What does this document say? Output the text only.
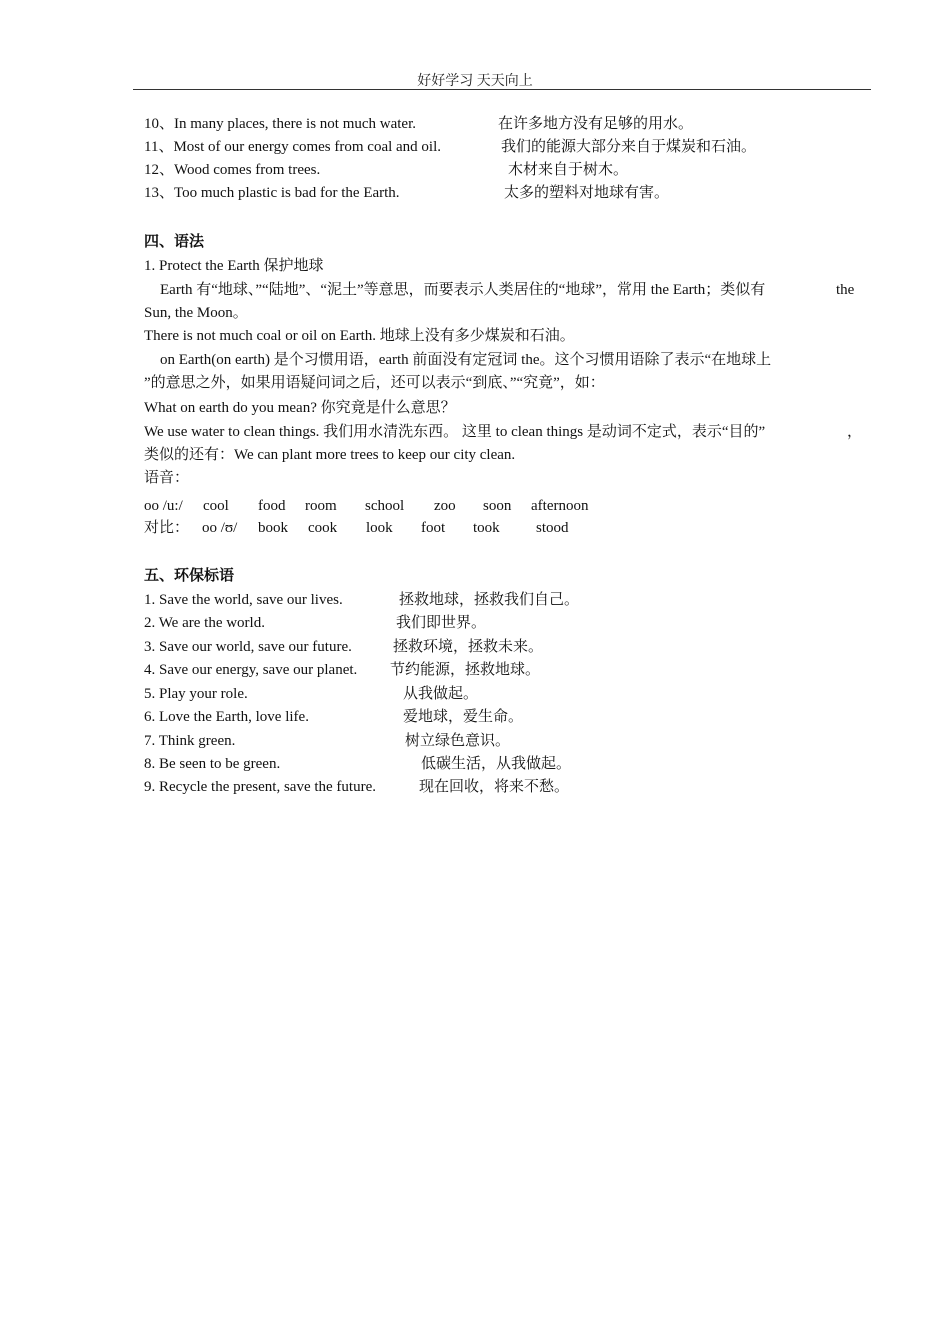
好好学习 天天向上
10、In many places, there is not much water.	在许多地方没有足够的用水。
11、Most of our energy comes from coal and oil.	我们的能源大部分来自于煤炭和石油。
12、Wood comes from trees.	木材来自于树木。
13、Too much plastic is bad for the Earth.	太多的塑料对地球有害。
四、语法
1. Protect the Earth 保护地球
Earth 有“地球、”“陆地”、“泥土”等意思，而要表示人类居住的“地球”，常用 the Earth；类似有	the
Sun, the Moon。
There is not much coal or oil on Earth. 地球上没有多少煤炭和石油。
on Earth(on earth) 是个习惯用语，earth 前面没有定冠词 the。这个习惯用语除了表示“在地球上
”的意思之外，如果用语疑问词之后，还可以表示“到底、”“究竟”，如：
What on earth do you mean? 你究竟是什么意思？
We use water to clean things. 我们用水清洗东西。 这里 to clean things 是动词不定式，表示“目的”	，
类似的还有：We can plant more trees to keep our city clean.
语音：
oo /u:/ cool food room school zoo soon afternoon
对比： oo /ʊ/ book cook look foot took stood
五、环保标语
1. Save the world, save our lives.	拯救地球，拯救我们自己。
2. We are the world.	我们即世界。
3. Save our world, save our future.	拯救环境，拯救未来。
4. Save our energy, save our planet. 节约能源，拯救地球。
5. Play your role.	从我做起。
6. Love the Earth, love life.	爱地球，爱生命。
7. Think green.	树立绿色意识。
8. Be seen to be green.	低碳生活，从我做起。
9. Recycle the present, save the future.	现在回收，将来不愁。
